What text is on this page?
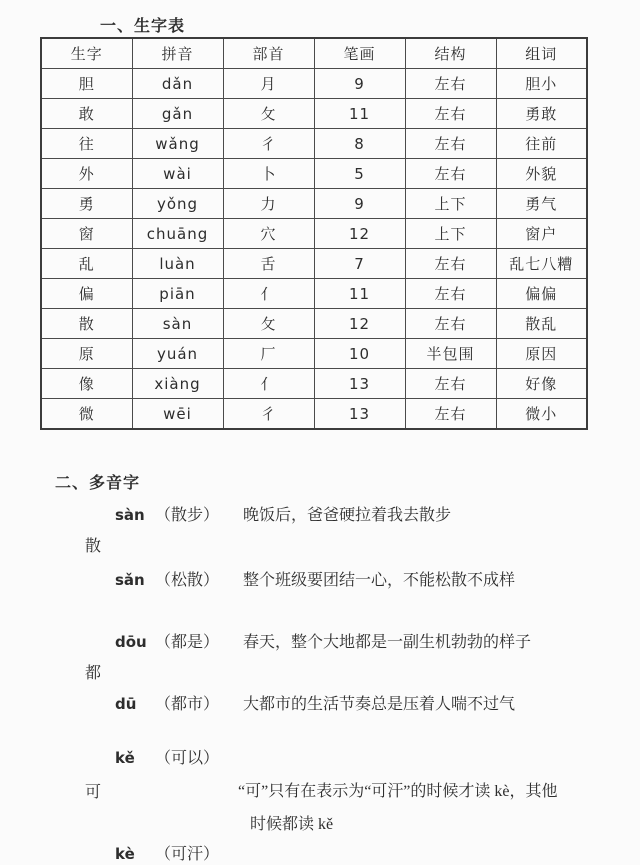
一、生字表
生字	拼音	部首	笔画	结构	组词
胆	dǎn	月	9	左右	胆小
敢	gǎn	攵	11	左右	勇敢
往	wǎng	彳	8	左右	往前
外	wài	卜	5	左右	外貌
勇	yǒng	力	9	上下	勇气
窗	chuāng	穴	12	上下	窗户
乱	luàn	舌	7	左右	乱七八糟
偏	piān	亻	11	左右	偏偏
散	sàn	攵	12	左右	散乱
原	yuán	厂	10	半包围	原因
像	xiàng	亻	13	左右	好像
微	wēi	彳	13	左右	微小
二、多音字
sàn （散步）	晚饭后，爸爸硬拉着我去散步
散
sǎn （松散）	整个班级要团结一心，不能松散不成样
dōu （都是）	春天，整个大地都是一副生机勃勃的样子
都
dū	（都市）	大都市的生活节奏总是压着人喘不过气
kě	（可以）
可	“可”只有在表示为“可汗”的时候才读 kè，其他
时候都读 kě
kè	（可汗）
